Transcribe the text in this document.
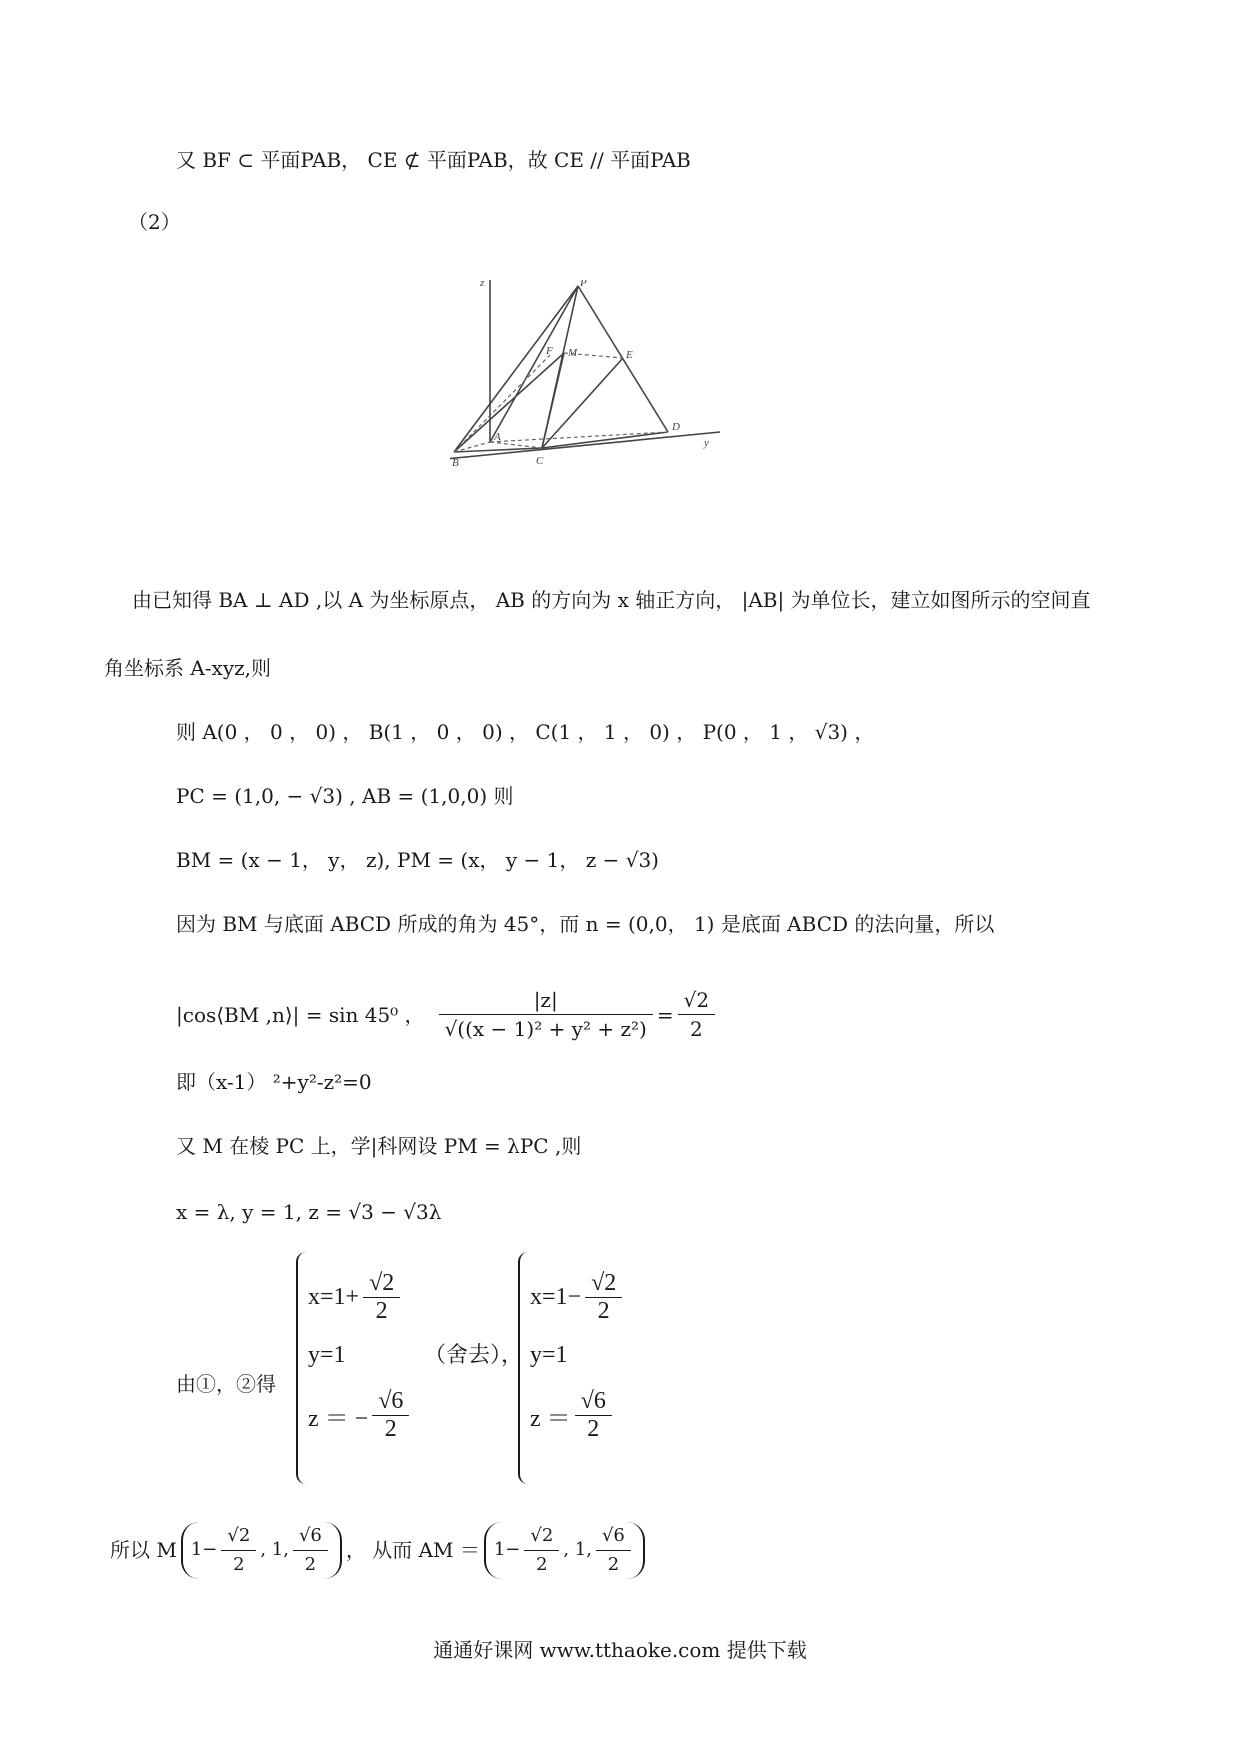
又 BF ⊂ 平面PAB， CE ⊄ 平面PAB，故 CE // 平面PAB
（2）
z	P
F M	E
A
B	C
D
y
由已知得 BA ⊥ AD ,以 A 为坐标原点， AB 的方向为 x 轴正方向， |AB| 为单位长，建立如图所示的空间直
角坐标系 A-xyz,则
则 A(0 ， 0 ， 0) ， B(1 ， 0 ， 0) ， C(1 ， 1 ， 0) ， P(0 ， 1 ， √3) ，
PC = (1,0, − √3) , AB = (1,0,0) 则
BM = (x − 1， y， z), PM = (x， y − 1， z − √3)
因为 BM 与底面 ABCD 所成的角为 45°，而 n = (0,0， 1) 是底面 ABCD 的法向量，所以
|cos⟨BM ,n⟩| = sin 45⁰ ， $\frac{|z|}{\text{√((x − 1)² + y² + z²)}} = \frac{√2}{2}$
即（x-1） ²+y²-z²=0
又 M 在棱 PC 上，学|科网设 PM = λPC ,则
x = λ, y = 1, z = √3 − √3λ
由①，②得
$x=1+ \frac{√2}{2}$
y=1
z ＝ − $\frac{√6}{2}$
（舍去），
$x=1- \frac{√2}{2}$
y=1
$z = \frac{√6}{2}$
所以 M $1- \frac{√2}{2}$ , 1, $\frac{√6}{2}$ ， 从而 AM ＝ $1- \frac{√2}{2}$ , 1, $\frac{√6}{2}$
通通好课网 www.tthaoke.com 提供下载
